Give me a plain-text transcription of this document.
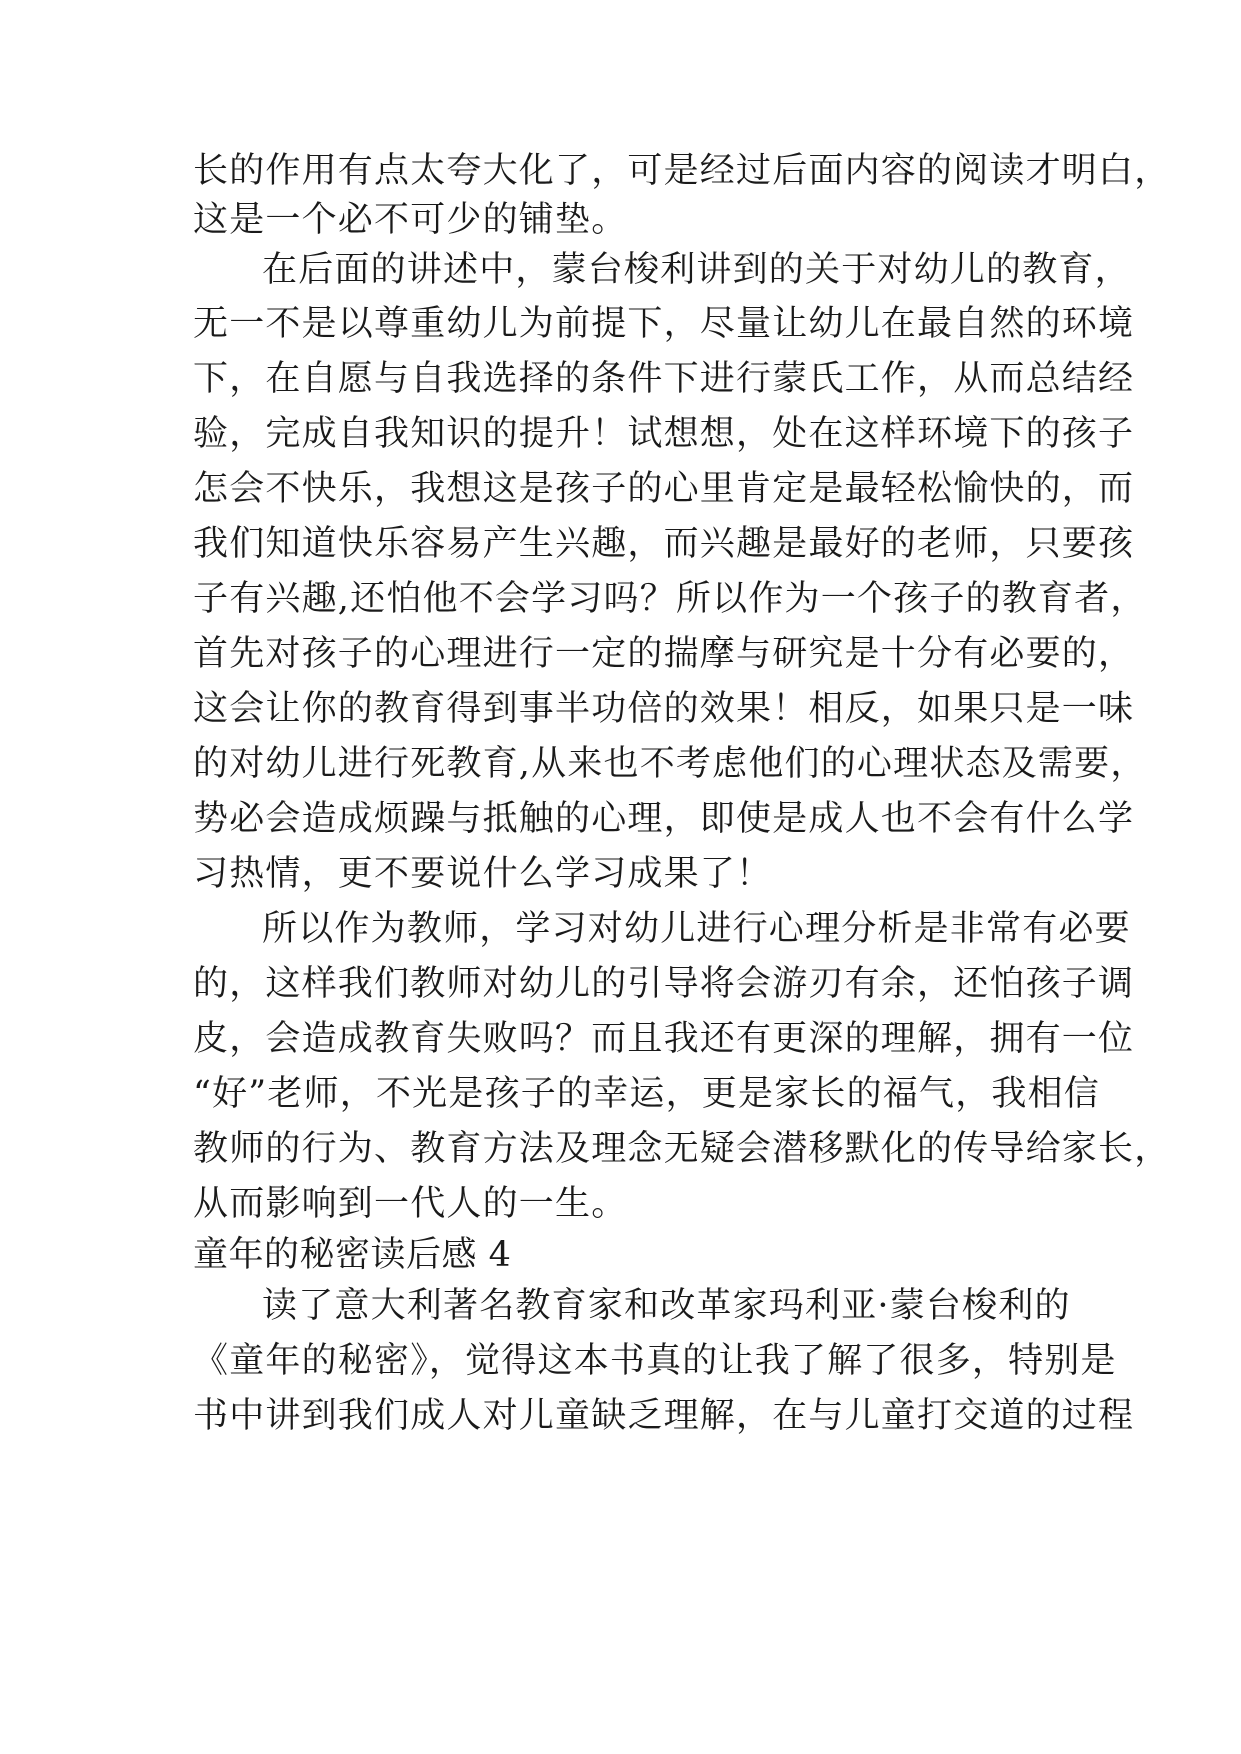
长的作用有点太夸大化了，可是经过后面内容的阅读才明白，
这是一个必不可少的铺垫。
在后面的讲述中，蒙台梭利讲到的关于对幼儿的教育，
无一不是以尊重幼儿为前提下，尽量让幼儿在最自然的环境
下，在自愿与自我选择的条件下进行蒙氏工作，从而总结经
验，完成自我知识的提升！试想想，处在这样环境下的孩子
怎会不快乐，我想这是孩子的心里肯定是最轻松愉快的，而
我们知道快乐容易产生兴趣，而兴趣是最好的老师，只要孩
子有兴趣,还怕他不会学习吗？所以作为一个孩子的教育者，
首先对孩子的心理进行一定的揣摩与研究是十分有必要的，
这会让你的教育得到事半功倍的效果！相反，如果只是一味
的对幼儿进行死教育,从来也不考虑他们的心理状态及需要，
势必会造成烦躁与抵触的心理，即使是成人也不会有什么学
习热情，更不要说什么学习成果了！
所以作为教师，学习对幼儿进行心理分析是非常有必要
的，这样我们教师对幼儿的引导将会游刃有余，还怕孩子调
皮，会造成教育失败吗？而且我还有更深的理解，拥有一位
“好”老师，不光是孩子的幸运，更是家长的福气，我相信
教师的行为、教育方法及理念无疑会潜移默化的传导给家长，
从而影响到一代人的一生。
童年的秘密读后感 4
读了意大利著名教育家和改革家玛利亚·蒙台梭利的
《童年的秘密》，觉得这本书真的让我了解了很多，特别是
书中讲到我们成人对儿童缺乏理解，在与儿童打交道的过程
